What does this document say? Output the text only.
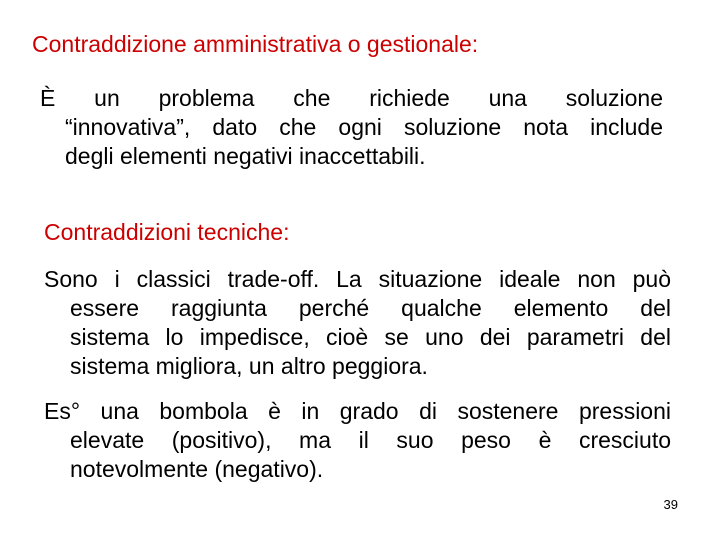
Contraddizione amministrativa o gestionale:
È un problema che richiede una soluzione
“innovativa”, dato che ogni soluzione nota include
degli elementi negativi inaccettabili.
Contraddizioni tecniche:
Sono i classici trade-off. La situazione ideale non può
essere raggiunta perché qualche elemento del
sistema lo impedisce, cioè se uno dei parametri del
sistema migliora, un altro peggiora.
Es° una bombola è in grado di sostenere pressioni
elevate (positivo), ma il suo peso è cresciuto
notevolmente (negativo).
39
